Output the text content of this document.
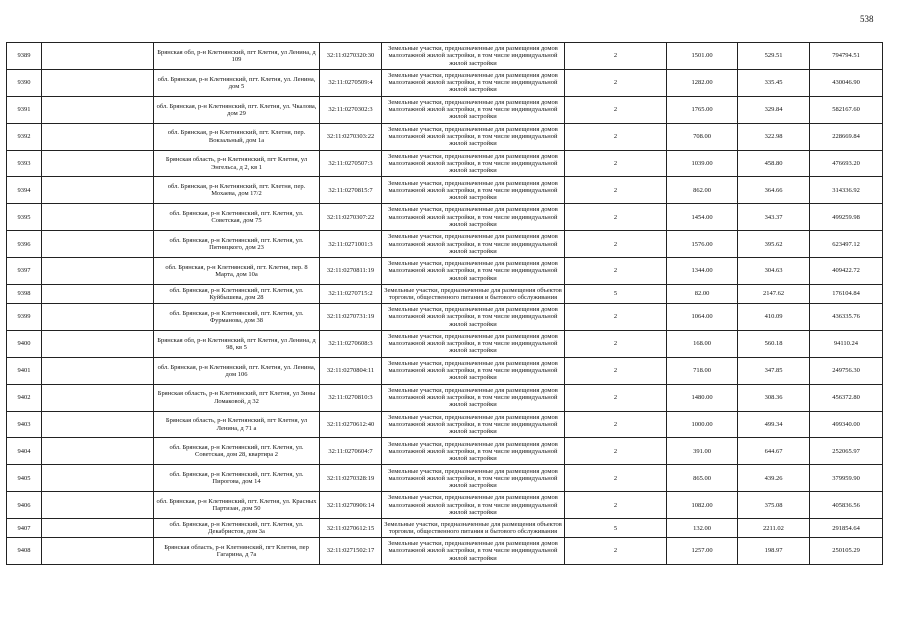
538
9389		Брянская обл, р-н Клетнянский, пгт Клетня, ул Ленина, д 109	32:11:0270320:30	Земельные участки, предназначенные для размещения домов малоэтажной жилой застройки, в том числе индивидуальной жилой застройки	2	1501.00	529.51	794794.51
9390		обл. Брянская, р-н Клетнянский, пгт. Клетня, ул. Ленина, дом 5	32:11:0270509:4	Земельные участки, предназначенные для размещения домов малоэтажной жилой застройки, в том числе индивидуальной жилой застройки	2	1282.00	335.45	430046.90
9391		обл. Брянская, р-н Клетнянский, пгт. Клетня, ул. Чкалова, дом 29	32:11:0270302:3	Земельные участки, предназначенные для размещения домов малоэтажной жилой застройки, в том числе индивидуальной жилой застройки	2	1765.00	329.84	582167.60
9392		обл. Брянская, р-н Клетнянский, пгт. Клетня, пер. Вокзальный, дом 1а	32:11:0270303:22	Земельные участки, предназначенные для размещения домов малоэтажной жилой застройки, в том числе индивидуальной жилой застройки	2	708.00	322.98	228669.84
9393		Брянская область, р-н Клетнянский, пгт Клетня, ул Энгельса, д 2, кв 1	32:11:0270507:3	Земельные участки, предназначенные для размещения домов малоэтажной жилой застройки, в том числе индивидуальной жилой застройки	2	1039.00	458.80	476693.20
9394		обл. Брянская, р-н Клетнянский, пгт. Клетня, пер. Мохаева, дом 17/2	32:11:0270815:7	Земельные участки, предназначенные для размещения домов малоэтажной жилой застройки, в том числе индивидуальной жилой застройки	2	862.00	364.66	314336.92
9395		обл. Брянская, р-н Клетнянский, пгт. Клетня, ул. Советская, дом 75	32:11:0270307:22	Земельные участки, предназначенные для размещения домов малоэтажной жилой застройки, в том числе индивидуальной жилой застройки	2	1454.00	343.37	499259.98
9396		обл. Брянская, р-н Клетнянский, пгт. Клетня, ул. Пятницкого, дом 23	32:11:0271001:3	Земельные участки, предназначенные для размещения домов малоэтажной жилой застройки, в том числе индивидуальной жилой застройки	2	1576.00	395.62	623497.12
9397		обл. Брянская, р-н Клетнянский, пгт. Клетня, пер. 8 Марта, дом 10а	32:11:0270811:19	Земельные участки, предназначенные для размещения домов малоэтажной жилой застройки, в том числе индивидуальной жилой застройки	2	1344.00	304.63	409422.72
9398		обл. Брянская, р-н Клетнянский, пгт. Клетня, ул. Куйбышева, дом 28	32:11:0270715:2	Земельные участки, предназначенные для размещения объектов торговли, общественного питания и бытового обслуживания	5	82.00	2147.62	176104.84
9399		обл. Брянская, р-н Клетнянский, пгт. Клетня, ул. Фурманова, дом 38	32:11:0270731:19	Земельные участки, предназначенные для размещения домов малоэтажной жилой застройки, в том числе индивидуальной жилой застройки	2	1064.00	410.09	436335.76
9400		Брянская обл, р-н Клетнянский, пгт Клетня, ул Ленина, д 98, кв 5	32:11:0270608:3	Земельные участки, предназначенные для размещения домов малоэтажной жилой застройки, в том числе индивидуальной жилой застройки	2	168.00	560.18	94110.24
9401		обл. Брянская, р-н Клетнянский, пгт. Клетня, ул. Ленина, дом 106	32:11:0270804:11	Земельные участки, предназначенные для размещения домов малоэтажной жилой застройки, в том числе индивидуальной жилой застройки	2	718.00	347.85	249756.30
9402		Брянская область, р-н Клетнянский, пгт Клетня, ул Зины Ломаковой, д 32	32:11:0270810:3	Земельные участки, предназначенные для размещения домов малоэтажной жилой застройки, в том числе индивидуальной жилой застройки	2	1480.00	308.36	456372.80
9403		Брянская область, р-н Клетнянский, пгт Клетня, ул Ленина, д 71 а	32:11:0270612:40	Земельные участки, предназначенные для размещения домов малоэтажной жилой застройки, в том числе индивидуальной жилой застройки	2	1000.00	499.34	499340.00
9404		обл. Брянская, р-н Клетнянский, пгт. Клетня, ул. Советская, дом 28, квартира 2	32:11:0270604:7	Земельные участки, предназначенные для размещения домов малоэтажной жилой застройки, в том числе индивидуальной жилой застройки	2	391.00	644.67	252065.97
9405		обл. Брянская, р-н Клетнянский, пгт. Клетня, ул. Пирогова, дом 14	32:11:0270328:19	Земельные участки, предназначенные для размещения домов малоэтажной жилой застройки, в том числе индивидуальной жилой застройки	2	865.00	439.26	379959.90
9406		обл. Брянская, р-н Клетнянский, пгт. Клетня, ул. Красных Партизан, дом 50	32:11:0270906:14	Земельные участки, предназначенные для размещения домов малоэтажной жилой застройки, в том числе индивидуальной жилой застройки	2	1082.00	375.08	405836.56
9407		обл. Брянская, р-н Клетнянский, пгт. Клетня, ул. Декабристов, дом 3а	32:11:0270612:15	Земельные участки, предназначенные для размещения объектов торговли, общественного питания и бытового обслуживания	5	132.00	2211.02	291854.64
9408		Брянская область, р-н Клетнянский, пгт Клетня, пер Гагарина, д 7а	32:11:0271502:17	Земельные участки, предназначенные для размещения домов малоэтажной жилой застройки, в том числе индивидуальной жилой застройки	2	1257.00	198.97	250105.29
